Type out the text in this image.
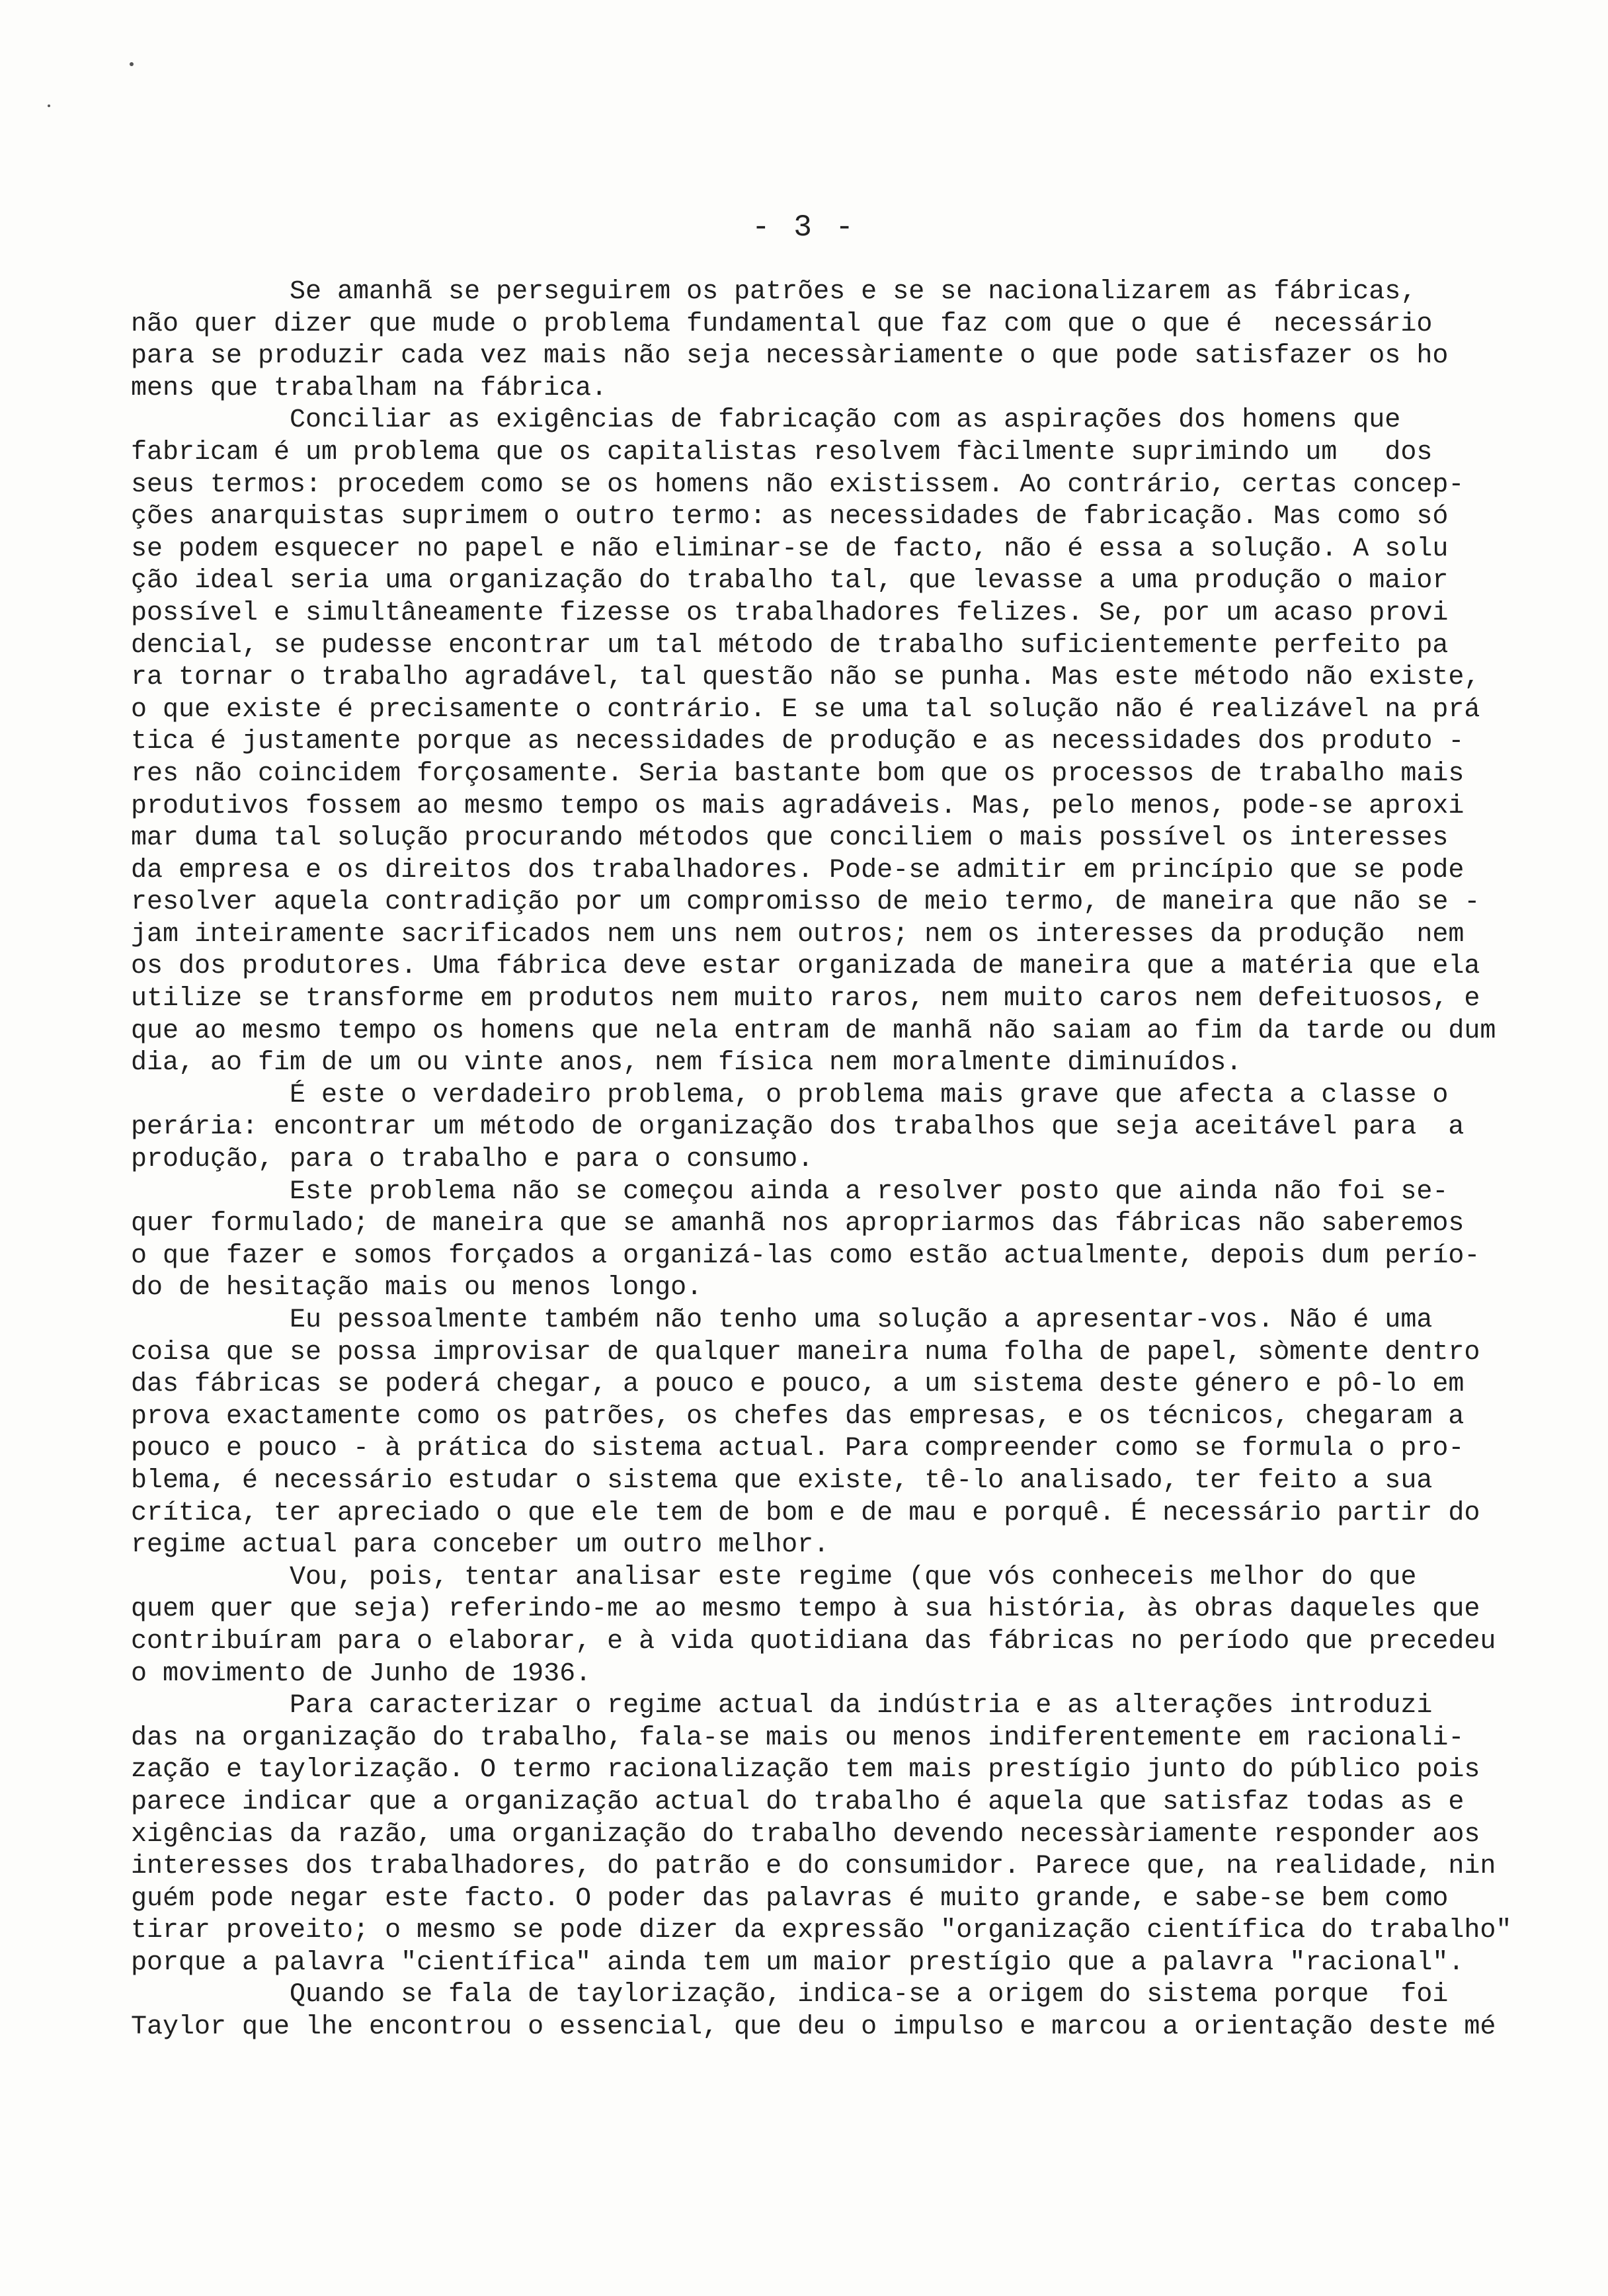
- 3 -
Se amanhã se perseguirem os patrões e se se nacionalizarem as fábricas,
não quer dizer que mude o problema fundamental que faz com que o que é  necessário
para se produzir cada vez mais não seja necessàriamente o que pode satisfazer os ho
mens que trabalham na fábrica.
Conciliar as exigências de fabricação com as aspirações dos homens que
fabricam é um problema que os capitalistas resolvem fàcilmente suprimindo um   dos
seus termos: procedem como se os homens não existissem. Ao contrário, certas concep-
ções anarquistas suprimem o outro termo: as necessidades de fabricação. Mas como só
se podem esquecer no papel e não eliminar-se de facto, não é essa a solução. A solu
ção ideal seria uma organização do trabalho tal, que levasse a uma produção o maior
possível e simultâneamente fizesse os trabalhadores felizes. Se, por um acaso provi
dencial, se pudesse encontrar um tal método de trabalho suficientemente perfeito pa
ra tornar o trabalho agradável, tal questão não se punha. Mas este método não existe,
o que existe é precisamente o contrário. E se uma tal solução não é realizável na prá
tica é justamente porque as necessidades de produção e as necessidades dos produto -
res não coincidem forçosamente. Seria bastante bom que os processos de trabalho mais
produtivos fossem ao mesmo tempo os mais agradáveis. Mas, pelo menos, pode-se aproxi
mar duma tal solução procurando métodos que conciliem o mais possível os interesses
da empresa e os direitos dos trabalhadores. Pode-se admitir em princípio que se pode
resolver aquela contradição por um compromisso de meio termo, de maneira que não se -
jam inteiramente sacrificados nem uns nem outros; nem os interesses da produção  nem
os dos produtores. Uma fábrica deve estar organizada de maneira que a matéria que ela
utilize se transforme em produtos nem muito raros, nem muito caros nem defeituosos, e
que ao mesmo tempo os homens que nela entram de manhã não saiam ao fim da tarde ou dum
dia, ao fim de um ou vinte anos, nem física nem moralmente diminuídos.
É este o verdadeiro problema, o problema mais grave que afecta a classe o
perária: encontrar um método de organização dos trabalhos que seja aceitável para  a
produção, para o trabalho e para o consumo.
Este problema não se começou ainda a resolver posto que ainda não foi se-
quer formulado; de maneira que se amanhã nos apropriarmos das fábricas não saberemos
o que fazer e somos forçados a organizá-las como estão actualmente, depois dum perío-
do de hesitação mais ou menos longo.
Eu pessoalmente também não tenho uma solução a apresentar-vos. Não é uma
coisa que se possa improvisar de qualquer maneira numa folha de papel, sòmente dentro
das fábricas se poderá chegar, a pouco e pouco, a um sistema deste género e pô-lo em
prova exactamente como os patrões, os chefes das empresas, e os técnicos, chegaram a
pouco e pouco - à prática do sistema actual. Para compreender como se formula o pro-
blema, é necessário estudar o sistema que existe, tê-lo analisado, ter feito a sua
crítica, ter apreciado o que ele tem de bom e de mau e porquê. É necessário partir do
regime actual para conceber um outro melhor.
Vou, pois, tentar analisar este regime (que vós conheceis melhor do que
quem quer que seja) referindo-me ao mesmo tempo à sua história, às obras daqueles que
contribuíram para o elaborar, e à vida quotidiana das fábricas no período que precedeu
o movimento de Junho de 1936.
Para caracterizar o regime actual da indústria e as alterações introduzi
das na organização do trabalho, fala-se mais ou menos indiferentemente em racionali-
zação e taylorização. O termo racionalização tem mais prestígio junto do público pois
parece indicar que a organização actual do trabalho é aquela que satisfaz todas as e
xigências da razão, uma organização do trabalho devendo necessàriamente responder aos
interesses dos trabalhadores, do patrão e do consumidor. Parece que, na realidade, nin
guém pode negar este facto. O poder das palavras é muito grande, e sabe-se bem como
tirar proveito; o mesmo se pode dizer da expressão "organização científica do trabalho"
porque a palavra "científica" ainda tem um maior prestígio que a palavra "racional".
Quando se fala de taylorização, indica-se a origem do sistema porque  foi
Taylor que lhe encontrou o essencial, que deu o impulso e marcou a orientação deste mé
